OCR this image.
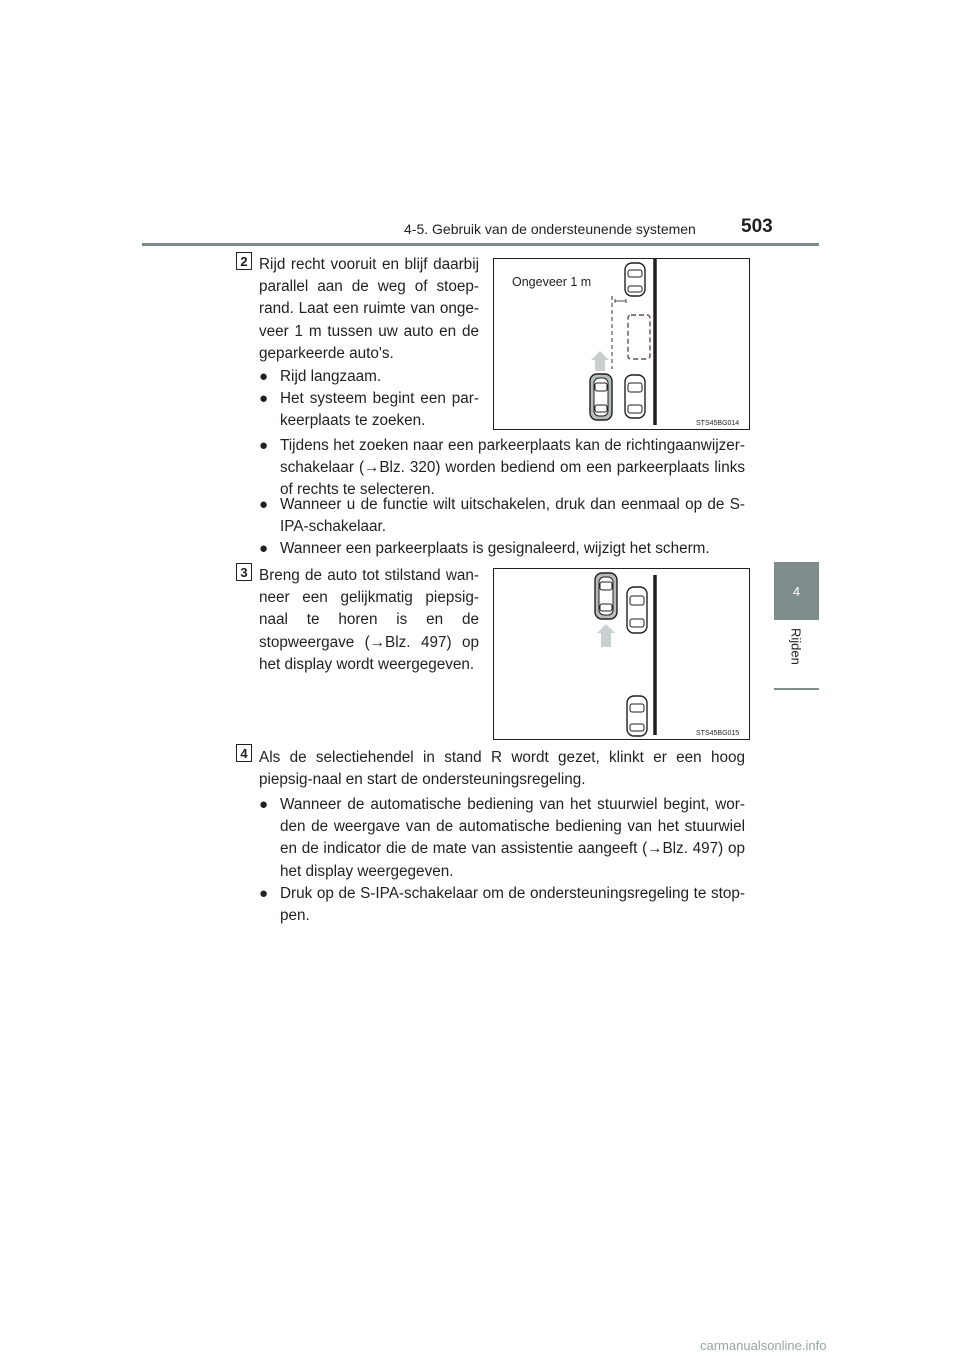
4-5. Gebruik van de ondersteunende systemen 503
4
Rijden
2 Rijd recht vooruit en blijf daarbij parallel aan de weg of stoep-rand. Laat een ruimte van onge-veer 1 m tussen uw auto en de geparkeerde auto's.
● Rijd langzaam.
● Het systeem begint een par-keerplaats te zoeken.
Ongeveer 1 m
STS45BG014
● Tijdens het zoeken naar een parkeerplaats kan de richtingaanwijzer-schakelaar (→Blz. 320) worden bediend om een parkeerplaats links of rechts te selecteren.
● Wanneer u de functie wilt uitschakelen, druk dan eenmaal op de S-IPA-schakelaar.
● Wanneer een parkeerplaats is gesignaleerd, wijzigt het scherm.
3 Breng de auto tot stilstand wan-neer een gelijkmatig piepsig-naal te horen is en de stopweergave (→Blz. 497) op het display wordt weergegeven.
STS45BG015
4 Als de selectiehendel in stand R wordt gezet, klinkt er een hoog piepsig-naal en start de ondersteuningsregeling.
● Wanneer de automatische bediening van het stuurwiel begint, wor-den de weergave van de automatische bediening van het stuurwiel en de indicator die de mate van assistentie aangeeft (→Blz. 497) op het display weergegeven.
● Druk op de S-IPA-schakelaar om de ondersteuningsregeling te stop-pen.
carmanualsonline.info
